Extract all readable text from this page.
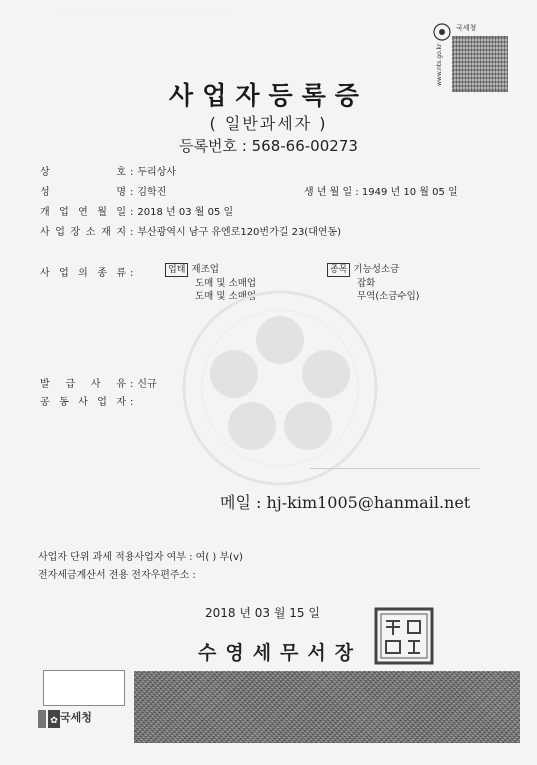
· · · · · · · · · · · · · · · · · · · · · · · · · · · · · ·
국세청
www.nts.go.kr
사업자등록증
( 일반과세자 )
등록번호 : 568-66-00273
상 호 : 두리상사
성 명 : 김학진	생 년 월 일 : 1949 년 10 월 05 일
개 업 연 월 일 : 2018 년 03 월 05 일
사 업 장 소 재 지 : 부산광역시 남구 유엔로120번가길 23(대연동)
사 업 의 종 류 :	업태 제조업
도매 및 소매업
도매 및 소매업
종목 기능성소금
잡화
무역(소금수입)
발 급 사 유 : 신규
공 동 사 업 자 :
메일 : hj-kim1005@hanmail.net
사업자 단위 과세 적용사업자 여부 : 여( ) 부(v)
전자세금계산서 전용 전자우편주소 :
2018 년 03 월 15 일
수영세무서장
✿ 국세청
